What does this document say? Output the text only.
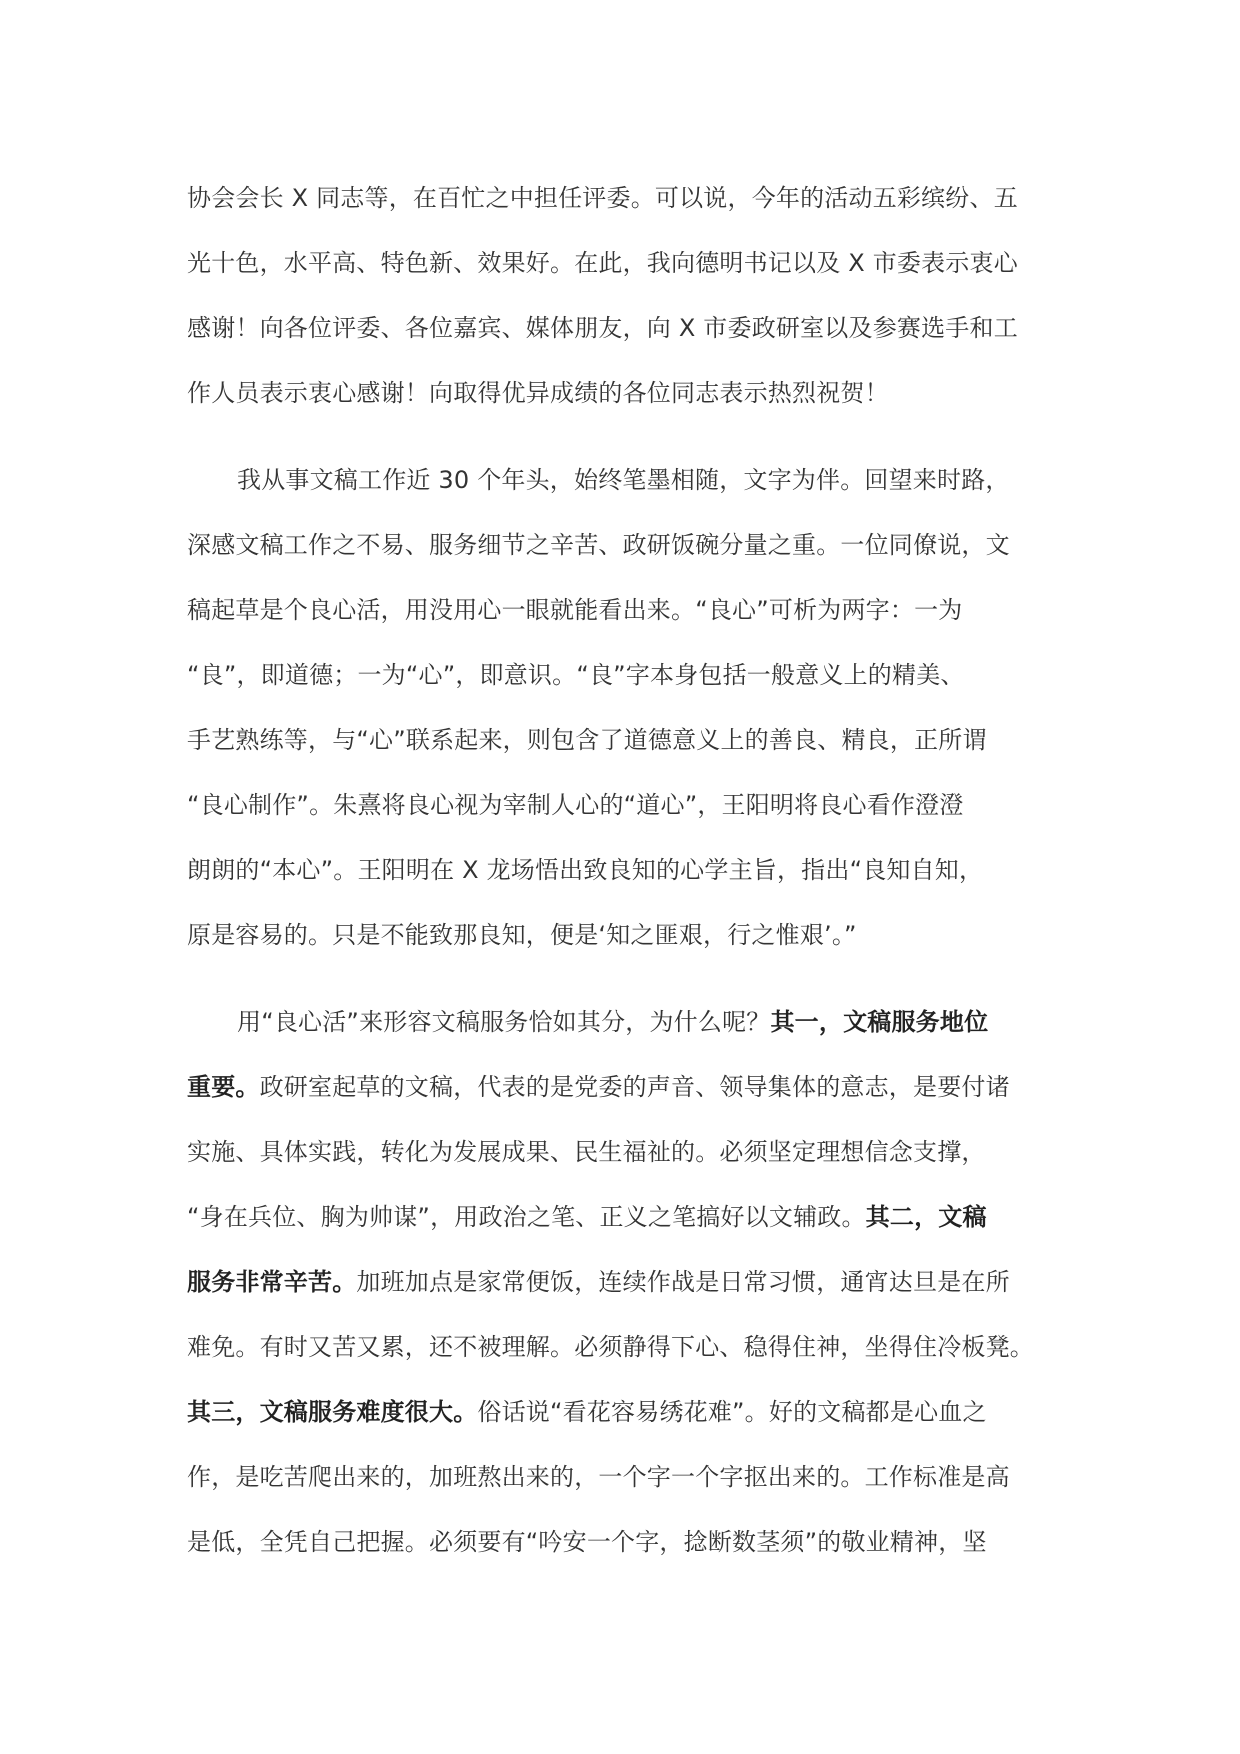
协会会长 X 同志等，在百忙之中担任评委。可以说，今年的活动五彩缤纷、五
光十色，水平高、特色新、效果好。在此，我向德明书记以及 X 市委表示衷心
感谢！向各位评委、各位嘉宾、媒体朋友，向 X 市委政研室以及参赛选手和工
作人员表示衷心感谢！向取得优异成绩的各位同志表示热烈祝贺！
我从事文稿工作近 30 个年头，始终笔墨相随，文字为伴。回望来时路，
深感文稿工作之不易、服务细节之辛苦、政研饭碗分量之重。一位同僚说，文
稿起草是个良心活，用没用心一眼就能看出来。“良心”可析为两字：一为
“良”，即道德；一为“心”，即意识。“良”字本身包括一般意义上的精美、
手艺熟练等，与“心”联系起来，则包含了道德意义上的善良、精良，正所谓
“良心制作”。朱熹将良心视为宰制人心的“道心”，王阳明将良心看作澄澄
朗朗的“本心”。王阳明在 X 龙场悟出致良知的心学主旨，指出“良知自知，
原是容易的。只是不能致那良知，便是‘知之匪艰，行之惟艰’。”
用“良心活”来形容文稿服务恰如其分，为什么呢？其一，文稿服务地位
重要。政研室起草的文稿，代表的是党委的声音、领导集体的意志，是要付诸
实施、具体实践，转化为发展成果、民生福祉的。必须坚定理想信念支撑，
“身在兵位、胸为帅谋”，用政治之笔、正义之笔搞好以文辅政。其二，文稿
服务非常辛苦。加班加点是家常便饭，连续作战是日常习惯，通宵达旦是在所
难免。有时又苦又累，还不被理解。必须静得下心、稳得住神，坐得住冷板凳。
其三，文稿服务难度很大。俗话说“看花容易绣花难”。好的文稿都是心血之
作，是吃苦爬出来的，加班熬出来的，一个字一个字抠出来的。工作标准是高
是低，全凭自己把握。必须要有“吟安一个字，捻断数茎须”的敬业精神，坚
